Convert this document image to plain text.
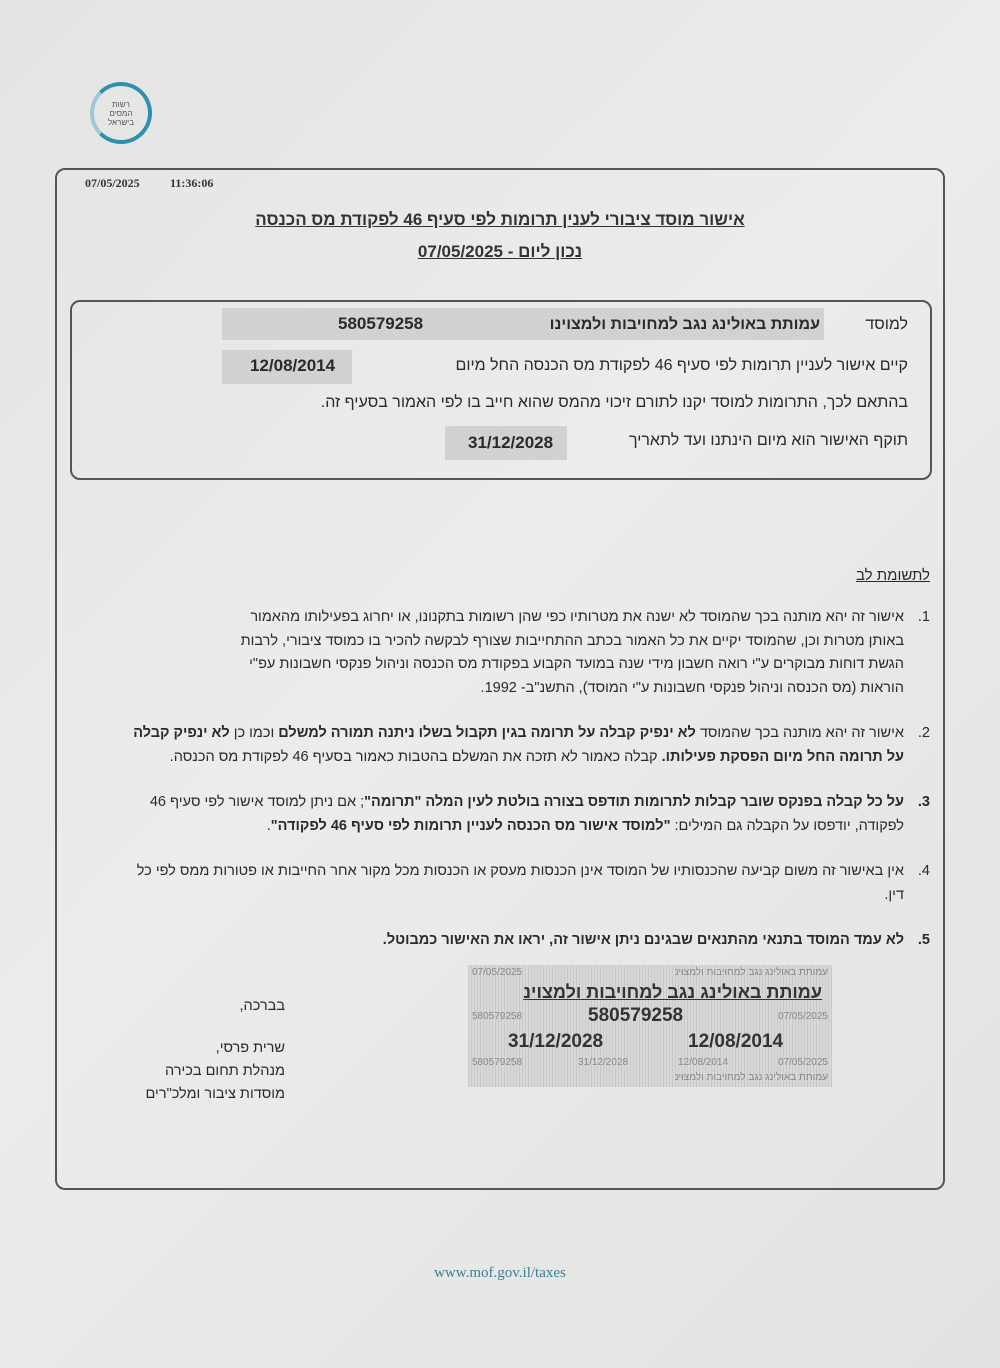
רשות המסים בישראל
07/05/2025	11:36:06
אישור מוסד ציבורי לענין תרומות לפי סעיף 46 לפקודת מס הכנסה
נכון ליום - 07/05/2025
למוסד
עמותת באולינג נגב למחויבות ולמצוינו
580579258
קיים אישור לעניין תרומות לפי סעיף 46 לפקודת מס הכנסה החל מיום
12/08/2014
בהתאם לכך, התרומות למוסד יקנו לתורם זיכוי מהמס שהוא חייב בו לפי האמור בסעיף זה.
תוקף האישור הוא מיום הינתנו ועד לתאריך
31/12/2028
לתשומת לב
1.
אישור זה יהא מותנה בכך שהמוסד לא ישנה את מטרותיו כפי שהן רשומות בתקנונו, או יחרוג בפעילותו מהאמור
באותן מטרות וכן, שהמוסד יקיים את כל האמור בכתב ההתחייבות שצורף לבקשה להכיר בו כמוסד ציבורי, לרבות
הגשת דוחות מבוקרים ע"י רואה חשבון מידי שנה במועד הקבוע בפקודת מס הכנסה וניהול פנקסי חשבונות עפ"י
הוראות (מס הכנסה וניהול פנקסי חשבונות ע"י המוסד), התשנ"ב- 1992.
2.
אישור זה יהא מותנה בכך שהמוסד לא ינפיק קבלה על תרומה בגין תקבול בשלו ניתנה תמורה למשלם וכמו כן לא ינפיק קבלה על תרומה החל מיום הפסקת פעילותו. קבלה כאמור לא תזכה את המשלם בהטבות כאמור בסעיף 46 לפקודת מס הכנסה.
3.
על כל קבלה בפנקס שובר קבלות לתרומות תודפס בצורה בולטת לעין המלה "תרומה"; אם ניתן למוסד אישור לפי סעיף 46 לפקודה, יודפסו על הקבלה גם המילים: "למוסד אישור מס הכנסה לעניין תרומות לפי סעיף 46 לפקודה".
4.
אין באישור זה משום קביעה שהכנסותיו של המוסד אינן הכנסות מעסק או הכנסות מכל מקור אחר החייבות או פטורות ממס לפי כל דין.
5.
לא עמד המוסד בתנאי מהתנאים שבגינם ניתן אישור זה, יראו את האישור כמבוטל.
עמותת באולינג נגב למחויבות ולמצוינ
07/05/2025
עמותת באולינג נגב למחויבות ולמצוינ
580579258	580579258	07/05/2025
31/12/2028	12/08/2014
580579258	31/12/2028	12/08/2014	07/05/2025
עמותת באולינג נגב למחויבות ולמצוינ
בברכה,
שרית פרסי,
מנהלת תחום בכירה
מוסדות ציבור ומלכ"רים
www.mof.gov.il/taxes
